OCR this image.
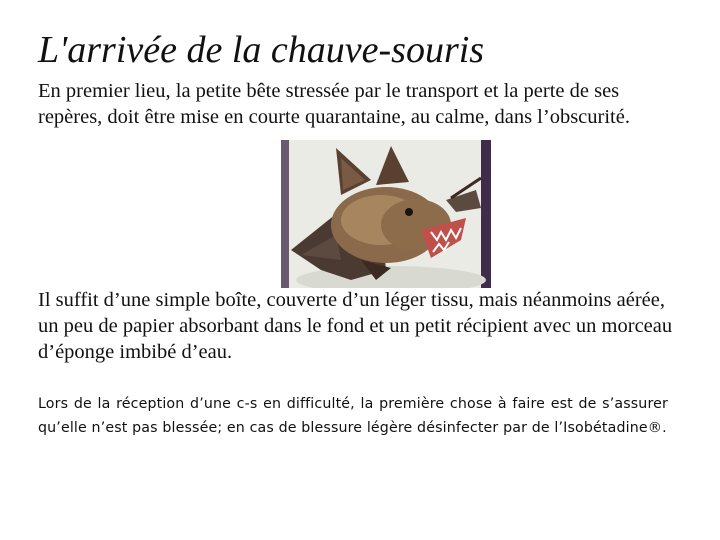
L'arrivée de la chauve-souris

En premier lieu, la petite bête stressée par le transport et la perte de ses repères, doit être mise en courte quarantaine, au calme, dans l’obscurité.

Il suffit d’une simple boîte, couverte d’un léger tissu, mais néanmoins aérée, un peu de papier absorbant dans le fond et un petit récipient avec un morceau d’éponge imbibé d’eau.

Lors de la réception d’une c-s en difficulté, la première chose à faire est de s’assurer qu’elle n’est pas blessée; en cas de blessure légère désinfecter par de l’Isobétadine®.
